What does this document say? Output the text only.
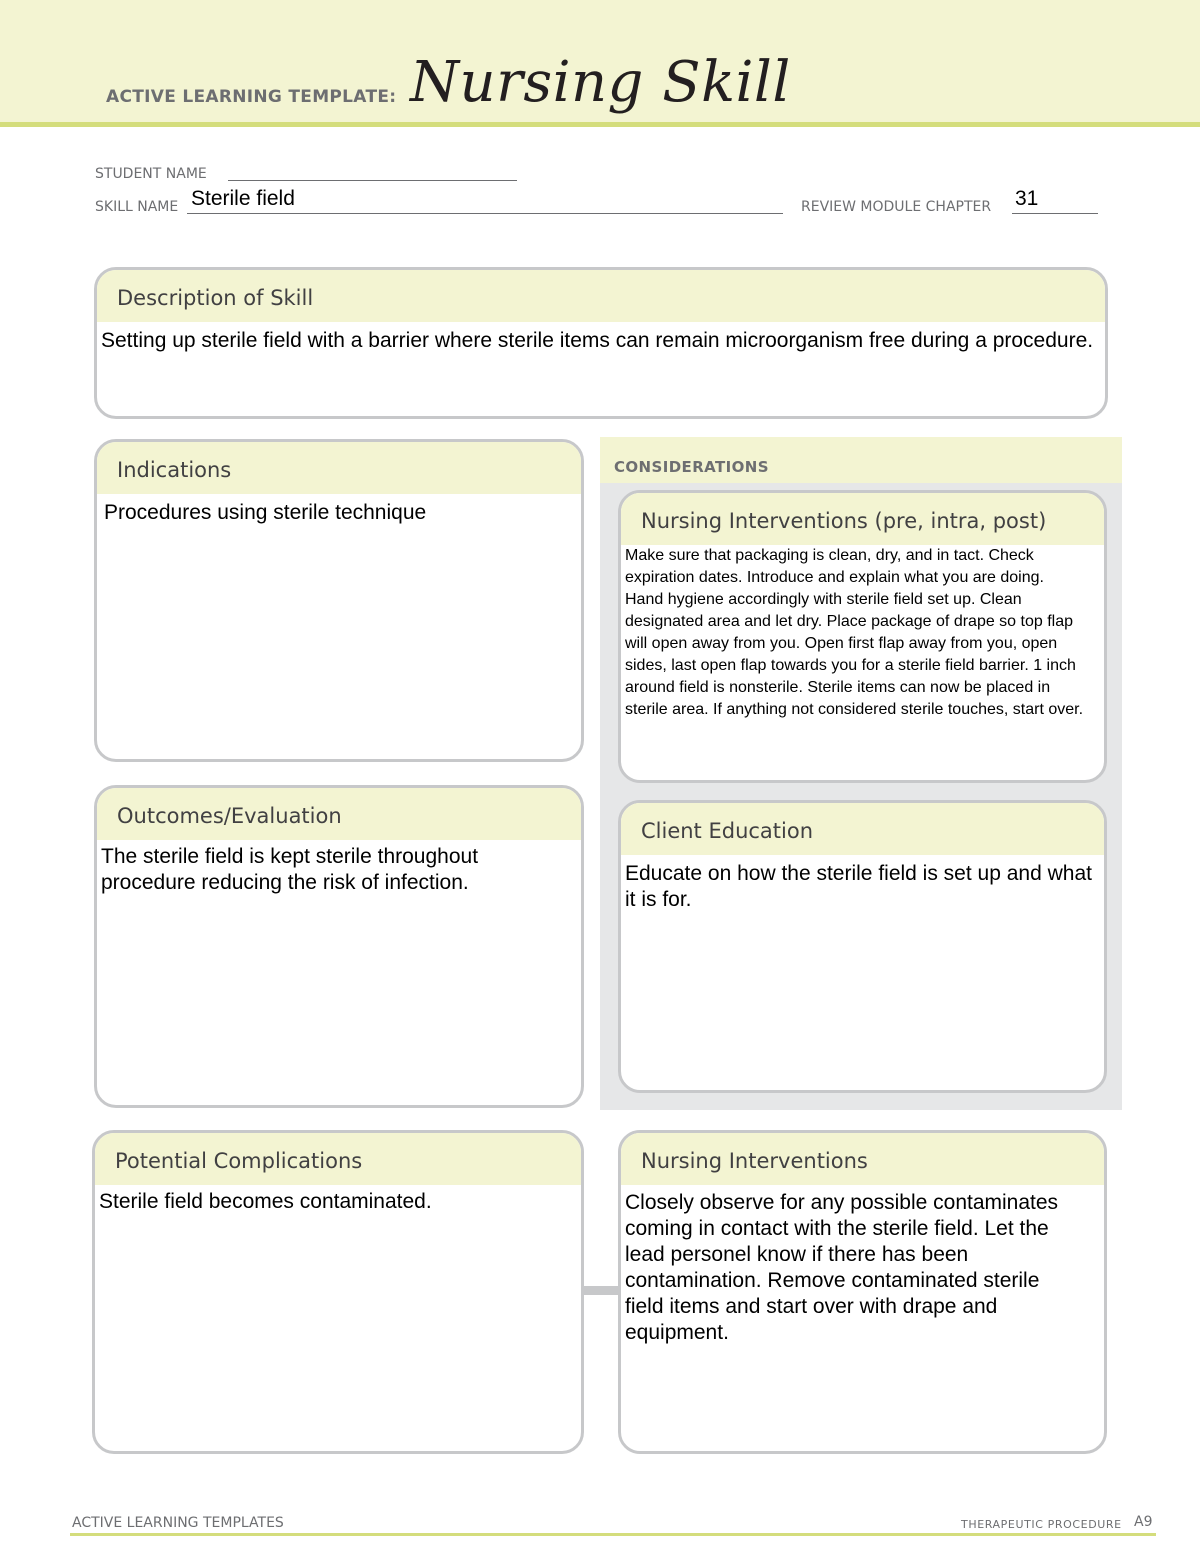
ACTIVE LEARNING TEMPLATE: Nursing Skill
STUDENT NAME
SKILL NAME Sterile field	REVIEW MODULE CHAPTER 31
Description of Skill
Setting up sterile field with a barrier where sterile items can remain microorganism free during a procedure.
Indications
Procedures using sterile technique
Outcomes/Evaluation
The sterile field is kept sterile throughout procedure reducing the risk of infection.
CONSIDERATIONS
Nursing Interventions (pre, intra, post)
Make sure that packaging is clean, dry, and in tact. Check expiration dates. Introduce and explain what you are doing. Hand hygiene accordingly with sterile field set up. Clean designated area and let dry. Place package of drape so top flap will open away from you. Open first flap away from you, open sides, last open flap towards you for a sterile field barrier. 1 inch around field is nonsterile. Sterile items can now be placed in sterile area. If anything not considered sterile touches, start over.
Client Education
Educate on how the sterile field is set up and what it is for.
Potential Complications
Sterile field becomes contaminated.
Nursing Interventions
Closely observe for any possible contaminates coming in contact with the sterile field. Let the lead personel know if there has been contamination. Remove contaminated sterile field items and start over with drape and equipment.
ACTIVE LEARNING TEMPLATES	THERAPEUTIC PROCEDURE A9
